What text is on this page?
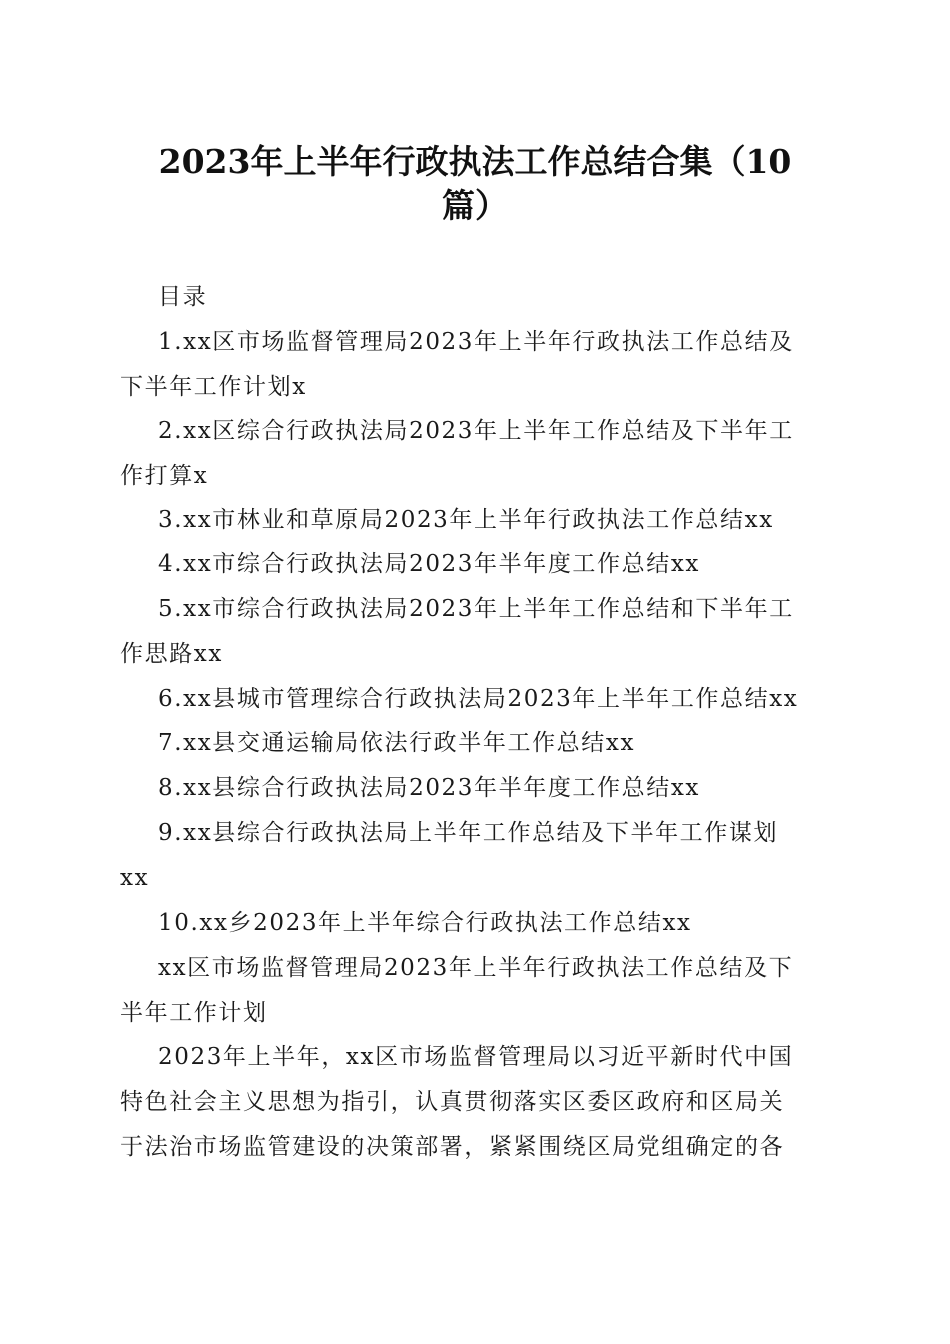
2023年上半年行政执法工作总结合集（10
篇）
目录
1.xx区市场监督管理局2023年上半年行政执法工作总结及
下半年工作计划x
2.xx区综合行政执法局2023年上半年工作总结及下半年工
作打算x
3.xx市林业和草原局2023年上半年行政执法工作总结xx
4.xx市综合行政执法局2023年半年度工作总结xx
5.xx市综合行政执法局2023年上半年工作总结和下半年工
作思路xx
6.xx县城市管理综合行政执法局2023年上半年工作总结xx
7.xx县交通运输局依法行政半年工作总结xx
8.xx县综合行政执法局2023年半年度工作总结xx
9.xx县综合行政执法局上半年工作总结及下半年工作谋划
xx
10.xx乡2023年上半年综合行政执法工作总结xx
xx区市场监督管理局2023年上半年行政执法工作总结及下
半年工作计划
2023年上半年，xx区市场监督管理局以习近平新时代中国
特色社会主义思想为指引，认真贯彻落实区委区政府和区局关
于法治市场监管建设的决策部署，紧紧围绕区局党组确定的各
